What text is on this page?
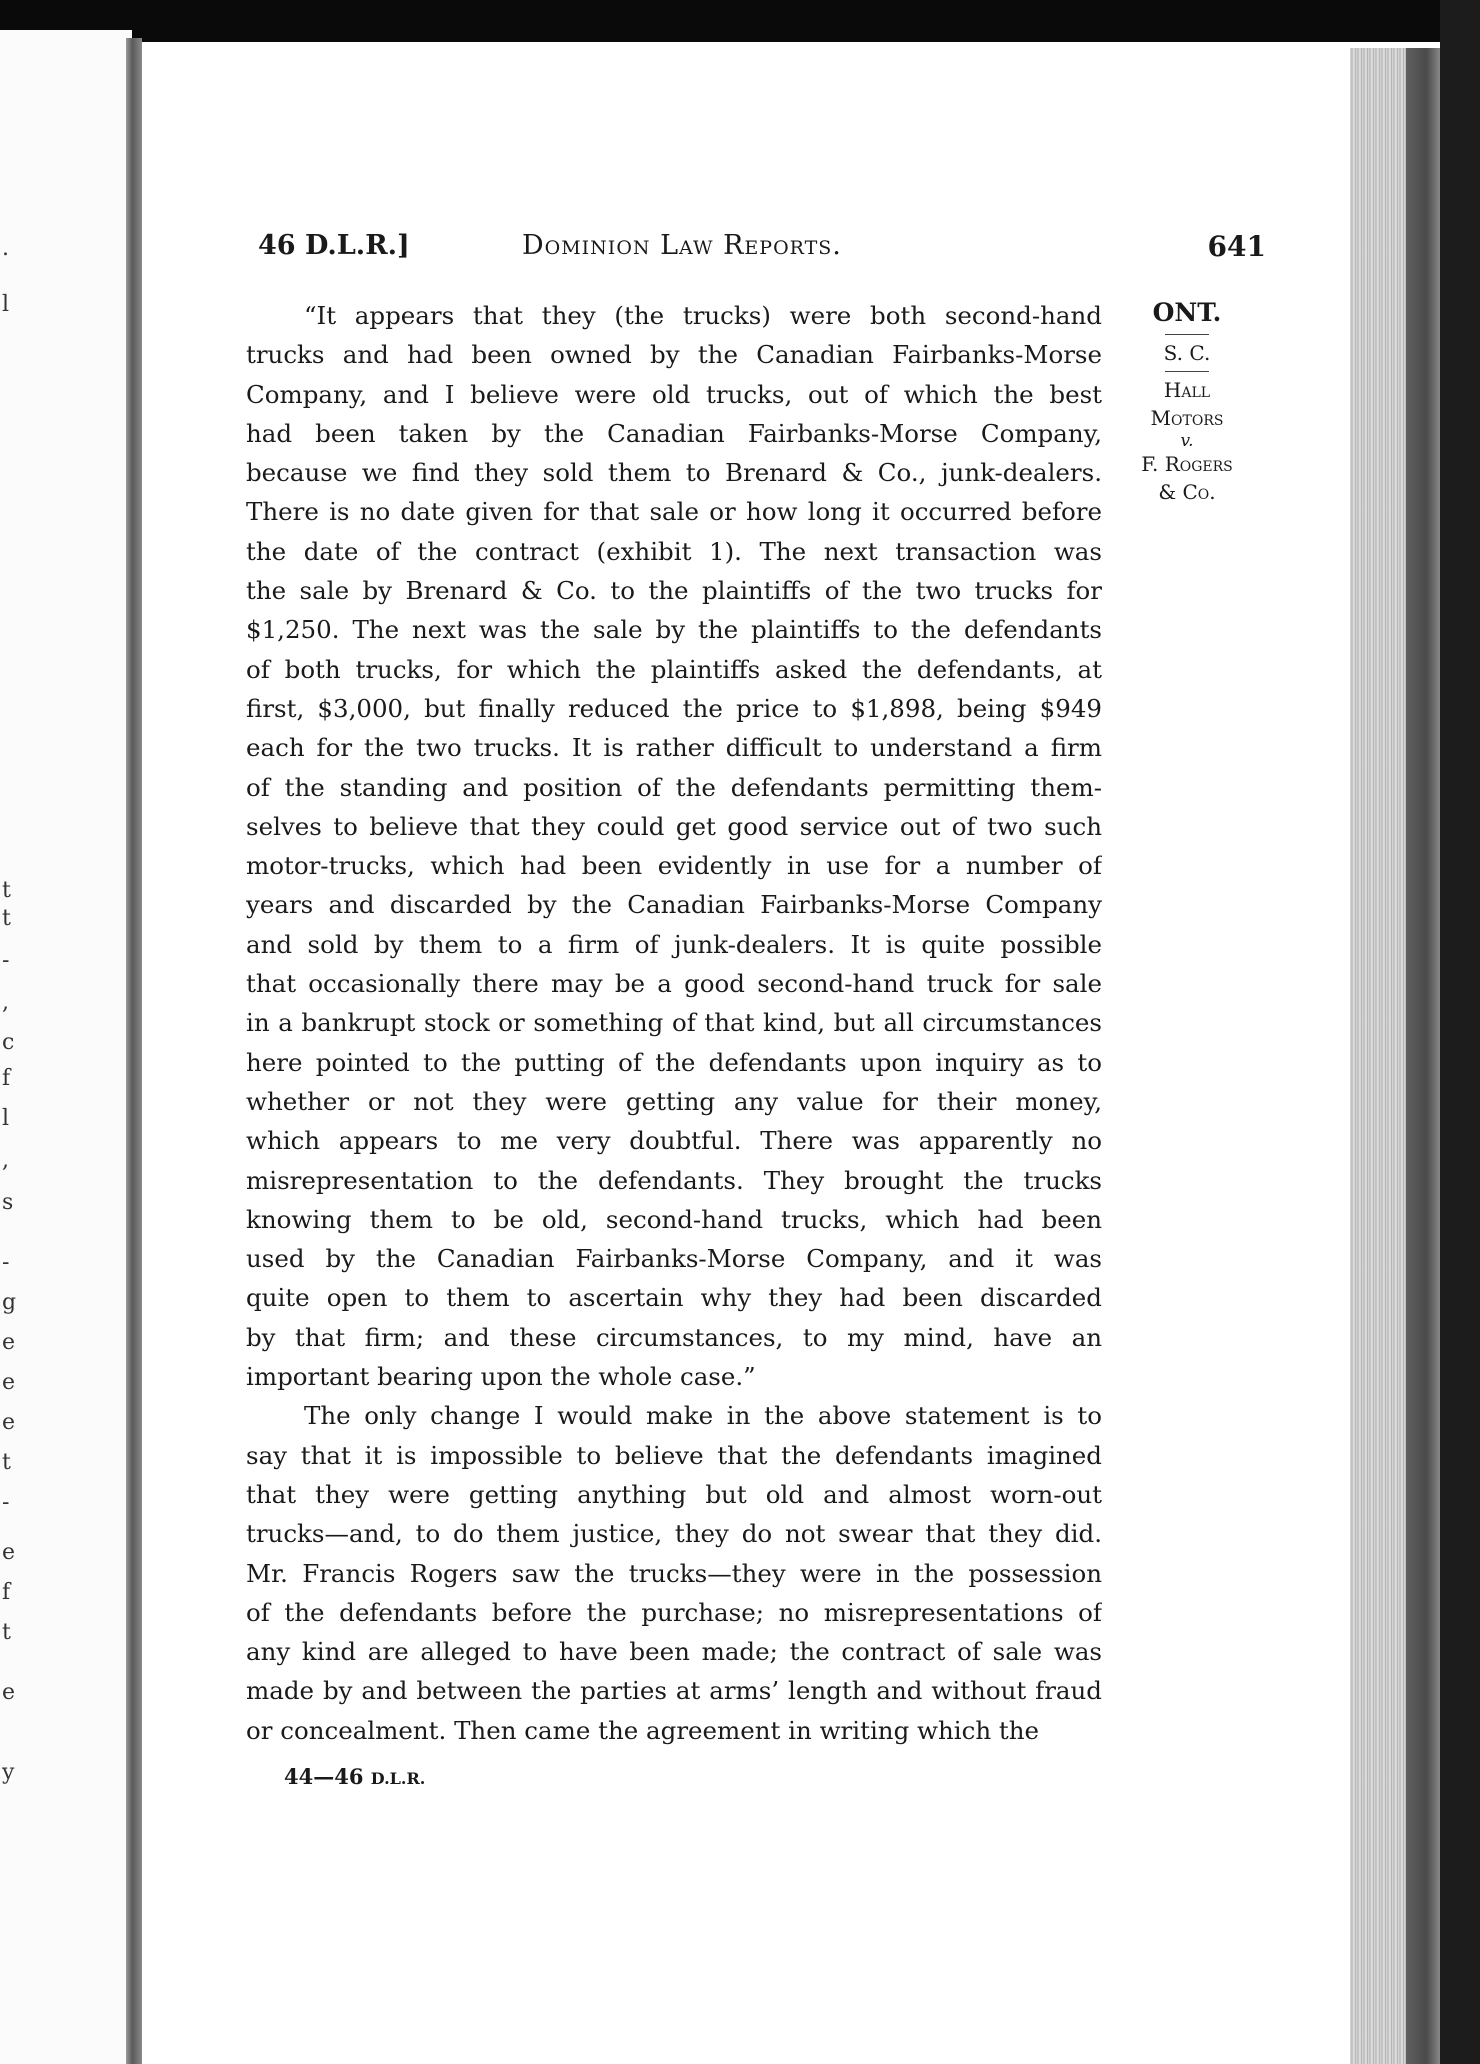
.
l
t
t
-
,
c
f
l
,
s
-
g
e
e
e
t
-
e
f
t
e
y
46 D.L.R.]	Dominion Law Reports.	641
ONT.
S. C.
Hall
Motors
v.
F. Rogers
& Co.
“It appears that they (the trucks) were both second-hand
trucks and had been owned by the Canadian Fairbanks-Morse
Company, and I believe were old trucks, out of which the best
had been taken by the Canadian Fairbanks-Morse Company,
because we find they sold them to Brenard & Co., junk-dealers.
There is no date given for that sale or how long it occurred before
the date of the contract (exhibit 1). The next transaction was
the sale by Brenard & Co. to the plaintiffs of the two trucks for
$1,250. The next was the sale by the plaintiffs to the defendants
of both trucks, for which the plaintiffs asked the defendants, at
first, $3,000, but finally reduced the price to $1,898, being $949
each for the two trucks. It is rather difficult to understand a firm
of the standing and position of the defendants permitting them-
selves to believe that they could get good service out of two such
motor-trucks, which had been evidently in use for a number of
years and discarded by the Canadian Fairbanks-Morse Company
and sold by them to a firm of junk-dealers. It is quite possible
that occasionally there may be a good second-hand truck for sale
in a bankrupt stock or something of that kind, but all circumstances
here pointed to the putting of the defendants upon inquiry as to
whether or not they were getting any value for their money,
which appears to me very doubtful. There was apparently no
misrepresentation to the defendants. They brought the trucks
knowing them to be old, second-hand trucks, which had been
used by the Canadian Fairbanks-Morse Company, and it was
quite open to them to ascertain why they had been discarded
by that firm; and these circumstances, to my mind, have an
important bearing upon the whole case.”
The only change I would make in the above statement is to
say that it is impossible to believe that the defendants imagined
that they were getting anything but old and almost worn-out
trucks—and, to do them justice, they do not swear that they did.
Mr. Francis Rogers saw the trucks—they were in the possession
of the defendants before the purchase; no misrepresentations of
any kind are alleged to have been made; the contract of sale was
made by and between the parties at arms’ length and without fraud
or concealment. Then came the agreement in writing which the
44—46 D.L.R.
